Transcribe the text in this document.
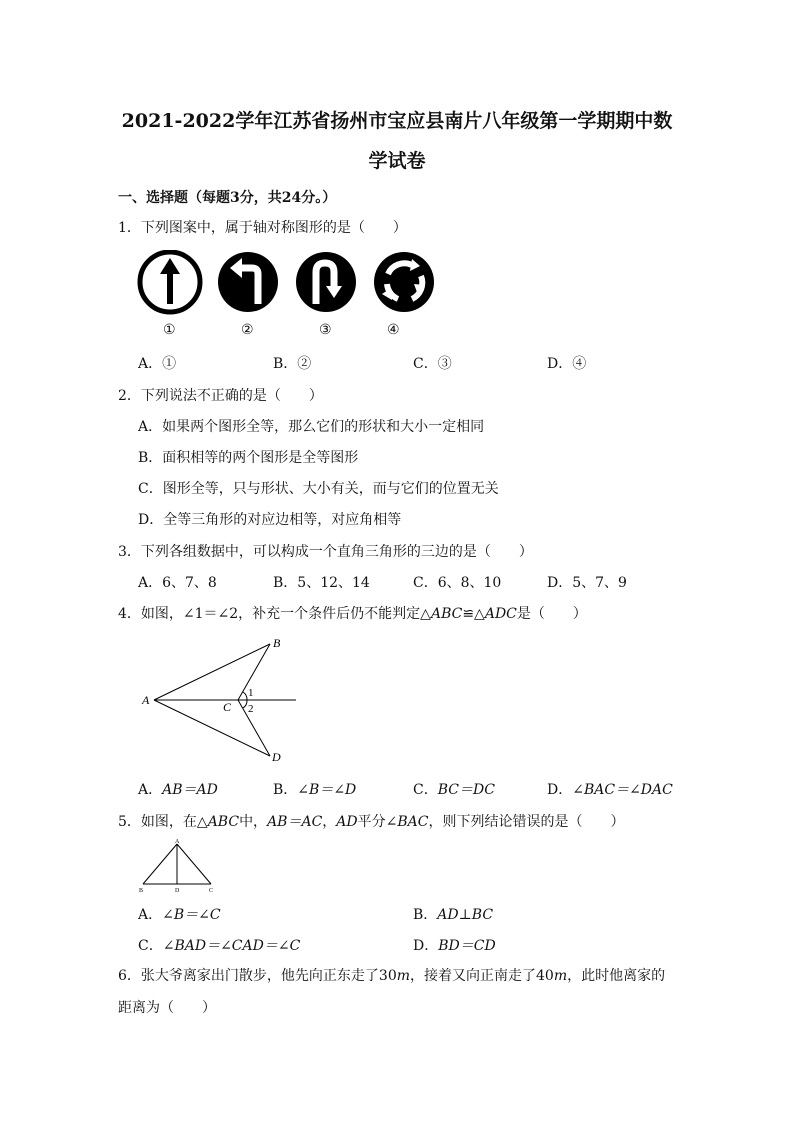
2021-2022学年江苏省扬州市宝应县南片八年级第一学期期中数
学试卷
一、选择题（每题3分，共24分。）
1．下列图案中，属于轴对称图形的是（　　）
①	②	③	④
A．①	B．②	C．③	D．④
2．下列说法不正确的是（　　）
A．如果两个图形全等，那么它们的形状和大小一定相同
B．面积相等的两个图形是全等图形
C．图形全等，只与形状、大小有关，而与它们的位置无关
D．全等三角形的对应边相等，对应角相等
3．下列各组数据中，可以构成一个直角三角形的三边的是（　　）
A．6、7、8	B．5、12、14	C．6、8、10	D．5、7、9
4．如图，∠1＝∠2，补充一个条件后仍不能判定△ABC≌△ADC是（　　）
A
B
C
D
1
2
A．AB＝AD	B．∠B＝∠D	C．BC＝DC	D．∠BAC＝∠DAC
5．如图，在△ABC中，AB＝AC，AD平分∠BAC，则下列结论错误的是（　　）
A
B	D	C
A．∠B＝∠C	B．AD⊥BC
C．∠BAD＝∠CAD＝∠C	D．BD＝CD
6．张大爷离家出门散步，他先向正东走了30m，接着又向正南走了40m，此时他离家的距离为（　　）
